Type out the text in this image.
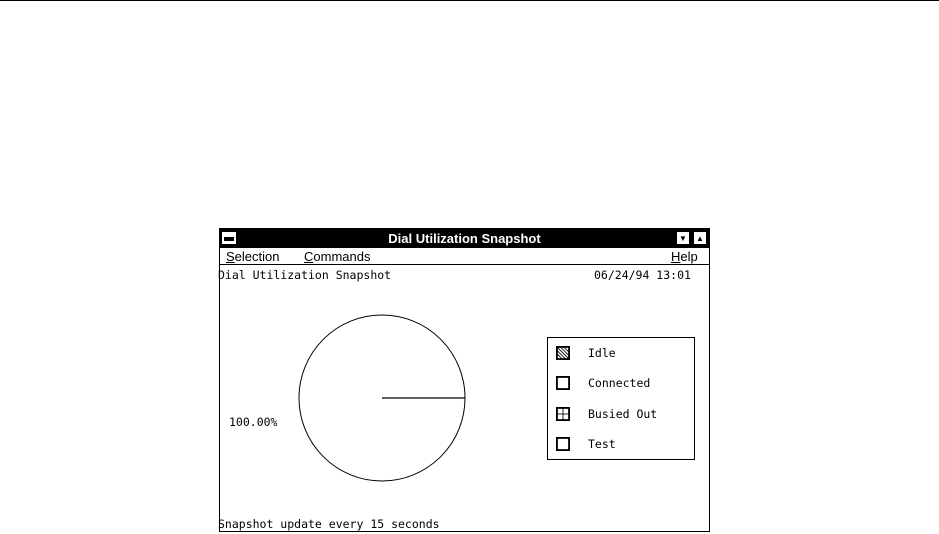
Dial Utilization Snapshot	▼	▲
Selection Commands	Help
Dial Utilization Snapshot	06/24/94 13:01
100.00%
Idle
Connected
Busied Out
Test
Snapshot update every 15 seconds
